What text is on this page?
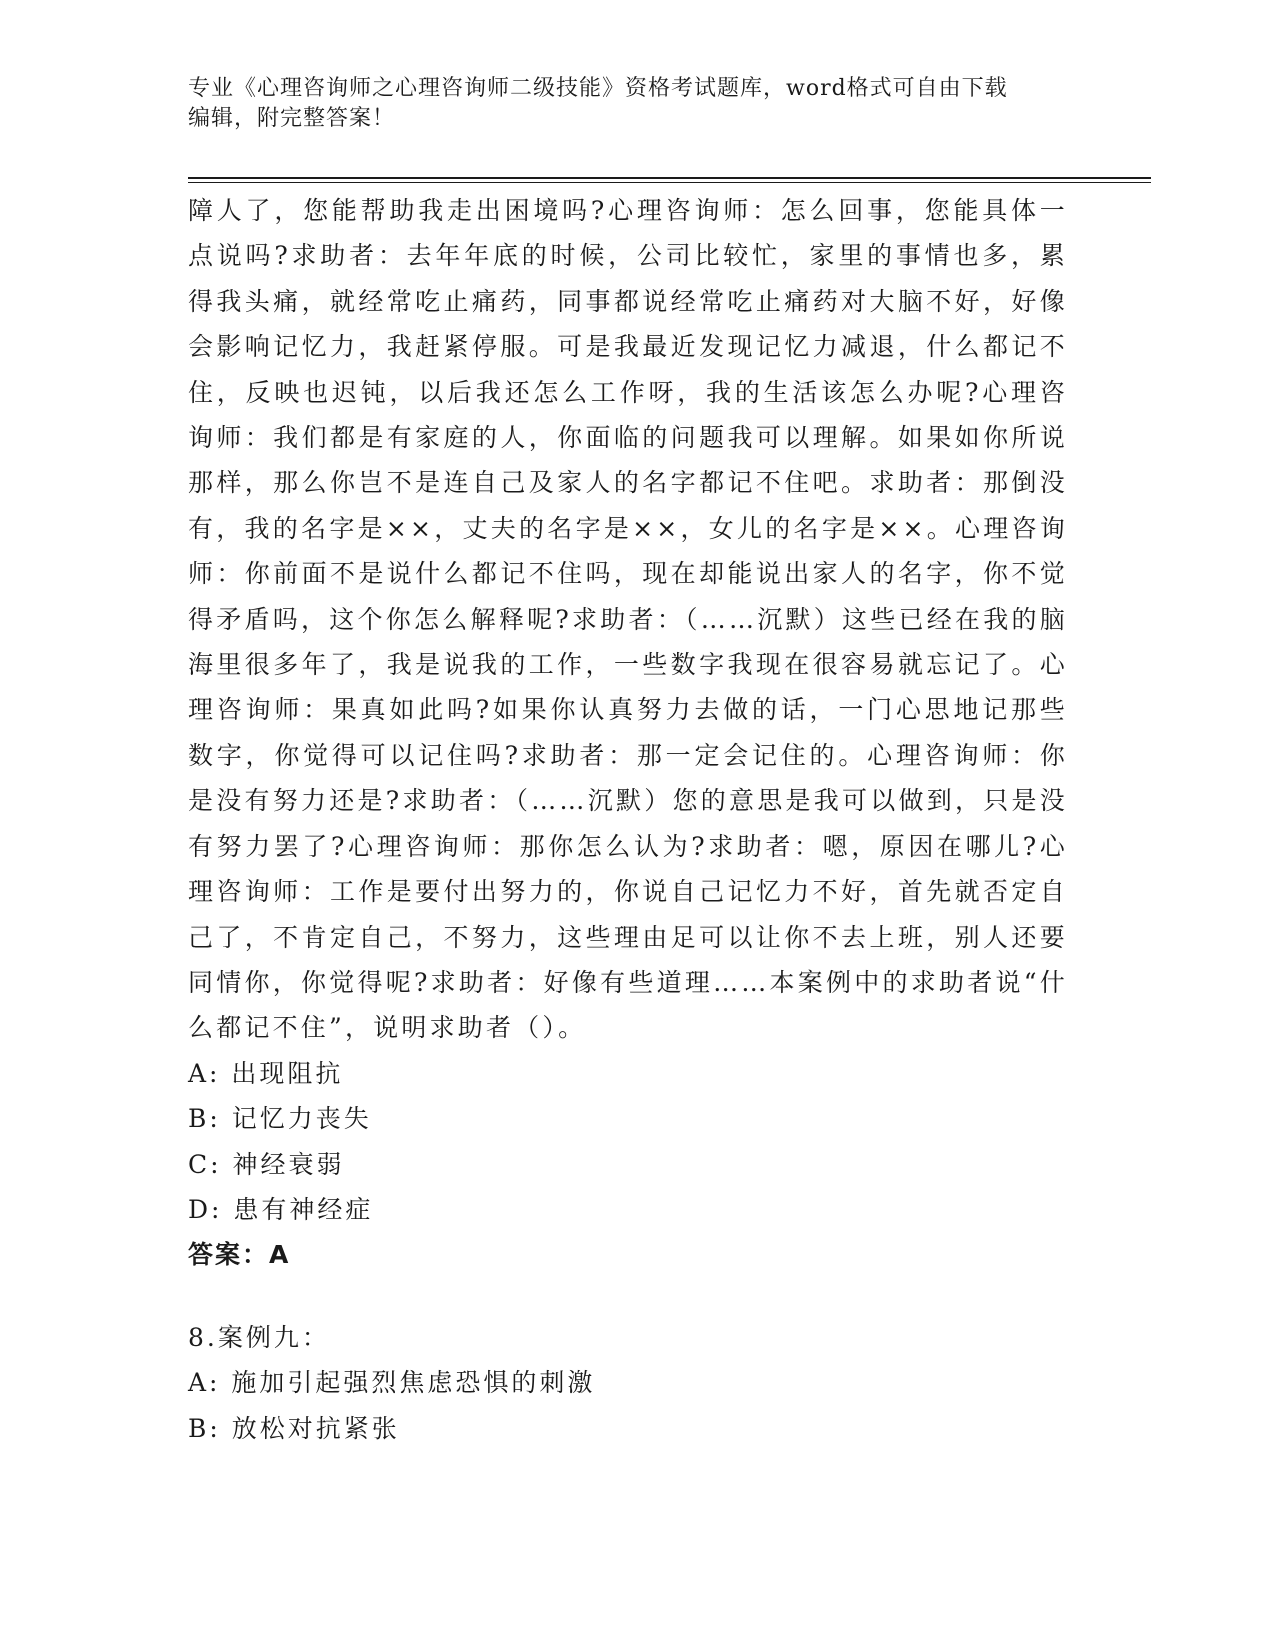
专业《心理咨询师之心理咨询师二级技能》资格考试题库，word格式可自由下载
编辑，附完整答案！

障人了，您能帮助我走出困境吗?心理咨询师：怎么回事，您能具体一点说吗?求助者：去年年底的时候，公司比较忙，家里的事情也多，累得我头痛，就经常吃止痛药，同事都说经常吃止痛药对大脑不好，好像会影响记忆力，我赶紧停服。可是我最近发现记忆力减退，什么都记不住，反映也迟钝，以后我还怎么工作呀，我的生活该怎么办呢?心理咨询师：我们都是有家庭的人，你面临的问题我可以理解。如果如你所说那样，那么你岂不是连自己及家人的名字都记不住吧。求助者：那倒没有，我的名字是××，丈夫的名字是××，女儿的名字是××。心理咨询师：你前面不是说什么都记不住吗，现在却能说出家人的名字，你不觉得矛盾吗，这个你怎么解释呢?求助者：（……沉默）这些已经在我的脑海里很多年了，我是说我的工作，一些数字我现在很容易就忘记了。心理咨询师：果真如此吗?如果你认真努力去做的话，一门心思地记那些数字，你觉得可以记住吗?求助者：那一定会记住的。心理咨询师：你是没有努力还是?求助者：（……沉默）您的意思是我可以做到，只是没有努力罢了?心理咨询师：那你怎么认为?求助者：嗯，原因在哪儿?心理咨询师：工作是要付出努力的，你说自己记忆力不好，首先就否定自己了，不肯定自己，不努力，这些理由足可以让你不去上班，别人还要同情你，你觉得呢?求助者：好像有些道理……本案例中的求助者说“什么都记不住”，说明求助者（）。

A: 出现阻抗

B: 记忆力丧失

C: 神经衰弱

D: 患有神经症

答案：A

8.案例九：

A: 施加引起强烈焦虑恐惧的刺激

B: 放松对抗紧张
